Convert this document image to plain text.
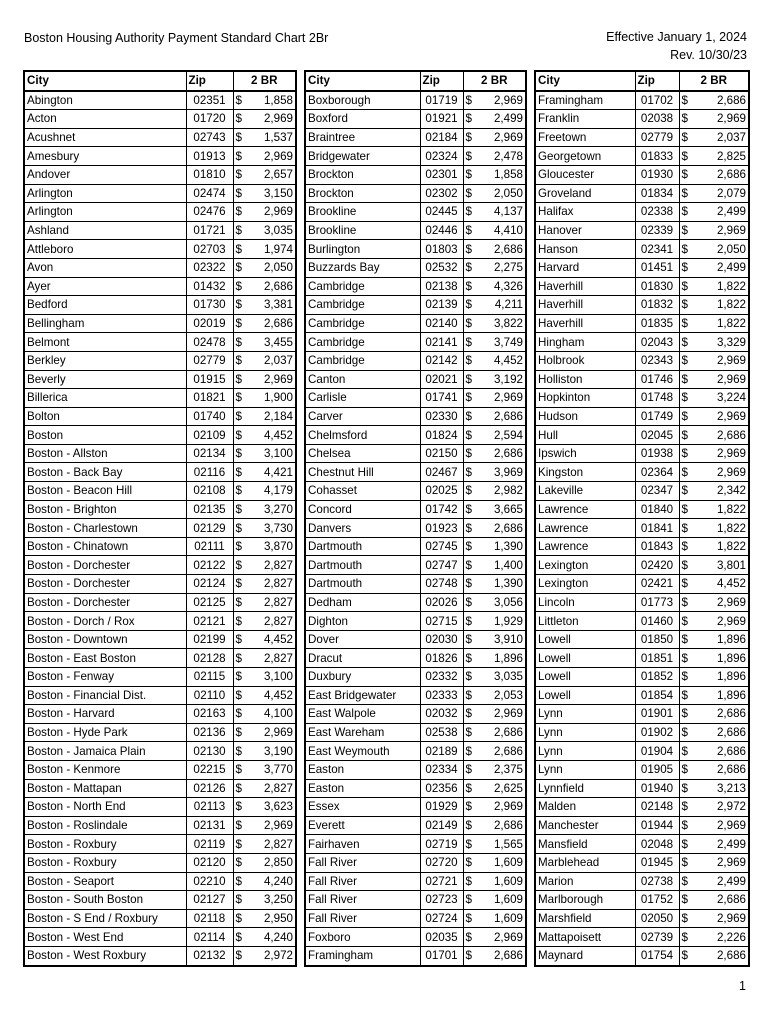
Boston Housing Authority Payment Standard Chart 2Br	Effective January 1, 2024
Rev. 10/30/23
City	Zip	2 BR
Abington	02351	$ 1,858

Acton	01720	$ 2,969

Acushnet	02743	$ 1,537

Amesbury	01913	$ 2,969

Andover	01810	$ 2,657

Arlington	02474	$ 3,150

Arlington	02476	$ 2,969

Ashland	01721	$ 3,035

Attleboro	02703	$ 1,974

Avon	02322	$ 2,050

Ayer	01432	$ 2,686

Bedford	01730	$ 3,381

Bellingham	02019	$ 2,686

Belmont	02478	$ 3,455

Berkley	02779	$ 2,037

Beverly	01915	$ 2,969

Billerica	01821	$ 1,900

Bolton	01740	$ 2,184

Boston	02109	$ 4,452

Boston - Allston	02134	$ 3,100

Boston - Back Bay	02116	$ 4,421

Boston - Beacon Hill	02108	$ 4,179

Boston - Brighton	02135	$ 3,270

Boston - Charlestown	02129	$ 3,730

Boston - Chinatown	02111	$ 3,870

Boston - Dorchester	02122	$ 2,827

Boston - Dorchester	02124	$ 2,827

Boston - Dorchester	02125	$ 2,827

Boston - Dorch / Rox	02121	$ 2,827

Boston - Downtown	02199	$ 4,452

Boston - East Boston	02128	$ 2,827

Boston - Fenway	02115	$ 3,100

Boston - Financial Dist.	02110	$ 4,452

Boston - Harvard	02163	$ 4,100

Boston - Hyde Park	02136	$ 2,969

Boston - Jamaica Plain	02130	$ 3,190

Boston - Kenmore	02215	$ 3,770

Boston - Mattapan	02126	$ 2,827

Boston - North End	02113	$ 3,623

Boston - Roslindale	02131	$ 2,969

Boston - Roxbury	02119	$ 2,827

Boston - Roxbury	02120	$ 2,850

Boston - Seaport	02210	$ 4,240

Boston - South Boston	02127	$ 3,250

Boston - S End / Roxbury	02118	$ 2,950

Boston - West End	02114	$ 4,240

Boston - West Roxbury	02132	$ 2,972
City	Zip	2 BR
Boxborough	01719	$ 2,969

Boxford	01921	$ 2,499

Braintree	02184	$ 2,969

Bridgewater	02324	$ 2,478

Brockton	02301	$ 1,858

Brockton	02302	$ 2,050

Brookline	02445	$ 4,137

Brookline	02446	$ 4,410

Burlington	01803	$ 2,686

Buzzards Bay	02532	$ 2,275

Cambridge	02138	$ 4,326

Cambridge	02139	$ 4,211

Cambridge	02140	$ 3,822

Cambridge	02141	$ 3,749

Cambridge	02142	$ 4,452

Canton	02021	$ 3,192

Carlisle	01741	$ 2,969

Carver	02330	$ 2,686

Chelmsford	01824	$ 2,594

Chelsea	02150	$ 2,686

Chestnut Hill	02467	$ 3,969

Cohasset	02025	$ 2,982

Concord	01742	$ 3,665

Danvers	01923	$ 2,686

Dartmouth	02745	$ 1,390

Dartmouth	02747	$ 1,400

Dartmouth	02748	$ 1,390

Dedham	02026	$ 3,056

Dighton	02715	$ 1,929

Dover	02030	$ 3,910

Dracut	01826	$ 1,896

Duxbury	02332	$ 3,035

East Bridgewater	02333	$ 2,053

East Walpole	02032	$ 2,969

East Wareham	02538	$ 2,686

East Weymouth	02189	$ 2,686

Easton	02334	$ 2,375

Easton	02356	$ 2,625

Essex	01929	$ 2,969

Everett	02149	$ 2,686

Fairhaven	02719	$ 1,565

Fall River	02720	$ 1,609

Fall River	02721	$ 1,609

Fall River	02723	$ 1,609

Fall River	02724	$ 1,609

Foxboro	02035	$ 2,969

Framingham	01701	$ 2,686
City	Zip	2 BR
Framingham	01702	$ 2,686

Franklin	02038	$ 2,969

Freetown	02779	$ 2,037

Georgetown	01833	$ 2,825

Gloucester	01930	$ 2,686

Groveland	01834	$ 2,079

Halifax	02338	$ 2,499

Hanover	02339	$ 2,969

Hanson	02341	$ 2,050

Harvard	01451	$ 2,499

Haverhill	01830	$ 1,822

Haverhill	01832	$ 1,822

Haverhill	01835	$ 1,822

Hingham	02043	$ 3,329

Holbrook	02343	$ 2,969

Holliston	01746	$ 2,969

Hopkinton	01748	$ 3,224

Hudson	01749	$ 2,969

Hull	02045	$ 2,686

Ipswich	01938	$ 2,969

Kingston	02364	$ 2,969

Lakeville	02347	$ 2,342

Lawrence	01840	$ 1,822

Lawrence	01841	$ 1,822

Lawrence	01843	$ 1,822

Lexington	02420	$ 3,801

Lexington	02421	$ 4,452

Lincoln	01773	$ 2,969

Littleton	01460	$ 2,969

Lowell	01850	$ 1,896

Lowell	01851	$ 1,896

Lowell	01852	$ 1,896

Lowell	01854	$ 1,896

Lynn	01901	$ 2,686

Lynn	01902	$ 2,686

Lynn	01904	$ 2,686

Lynn	01905	$ 2,686

Lynnfield	01940	$ 3,213

Malden	02148	$ 2,972

Manchester	01944	$ 2,969

Mansfield	02048	$ 2,499

Marblehead	01945	$ 2,969

Marion	02738	$ 2,499

Marlborough	01752	$ 2,686

Marshfield	02050	$ 2,969

Mattapoisett	02739	$ 2,226

Maynard	01754	$ 2,686
1
